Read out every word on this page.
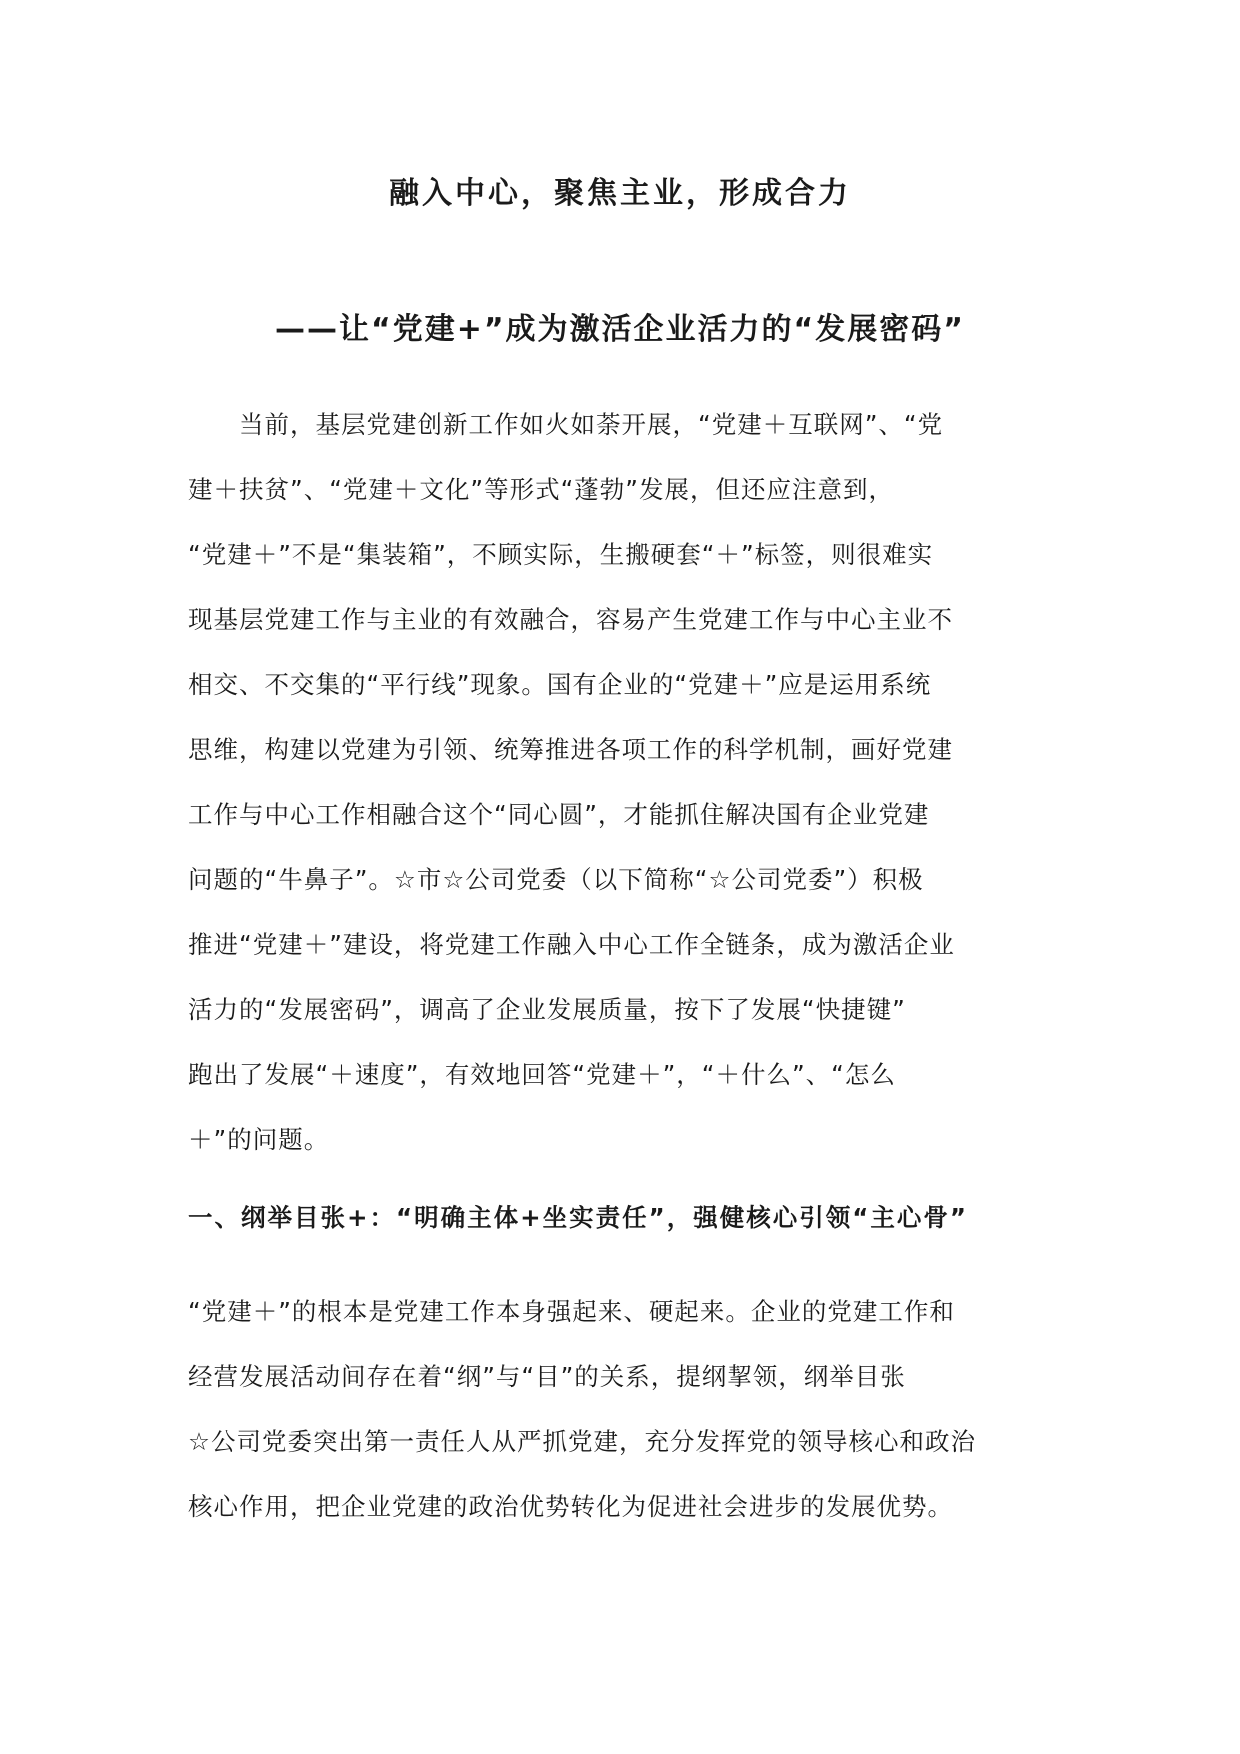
融入中心，聚焦主业，形成合力
——让“党建+”成为激活企业活力的“发展密码”
　　当前，基层党建创新工作如火如荼开展，“党建＋互联网”、“党
建＋扶贫”、“党建＋文化”等形式“蓬勃”发展，但还应注意到，
“党建＋”不是“集装箱”，不顾实际，生搬硬套“＋”标签，则很难实
现基层党建工作与主业的有效融合，容易产生党建工作与中心主业不
相交、不交集的“平行线”现象。国有企业的“党建＋”应是运用系统
思维，构建以党建为引领、统筹推进各项工作的科学机制，画好党建
工作与中心工作相融合这个“同心圆”，才能抓住解决国有企业党建
问题的“牛鼻子”。☆市☆公司党委（以下简称“☆公司党委”）积极
推进“党建＋”建设，将党建工作融入中心工作全链条，成为激活企业
活力的“发展密码”，调高了企业发展质量，按下了发展“快捷键”
跑出了发展“＋速度”，有效地回答“党建＋”，“＋什么”、“怎么
＋”的问题。
一、纲举目张+：“明确主体+坐实责任”，强健核心引领“主心骨”
“党建＋”的根本是党建工作本身强起来、硬起来。企业的党建工作和
经营发展活动间存在着“纲”与“目”的关系，提纲挈领，纲举目张
☆公司党委突出第一责任人从严抓党建，充分发挥党的领导核心和政治
核心作用，把企业党建的政治优势转化为促进社会进步的发展优势。
